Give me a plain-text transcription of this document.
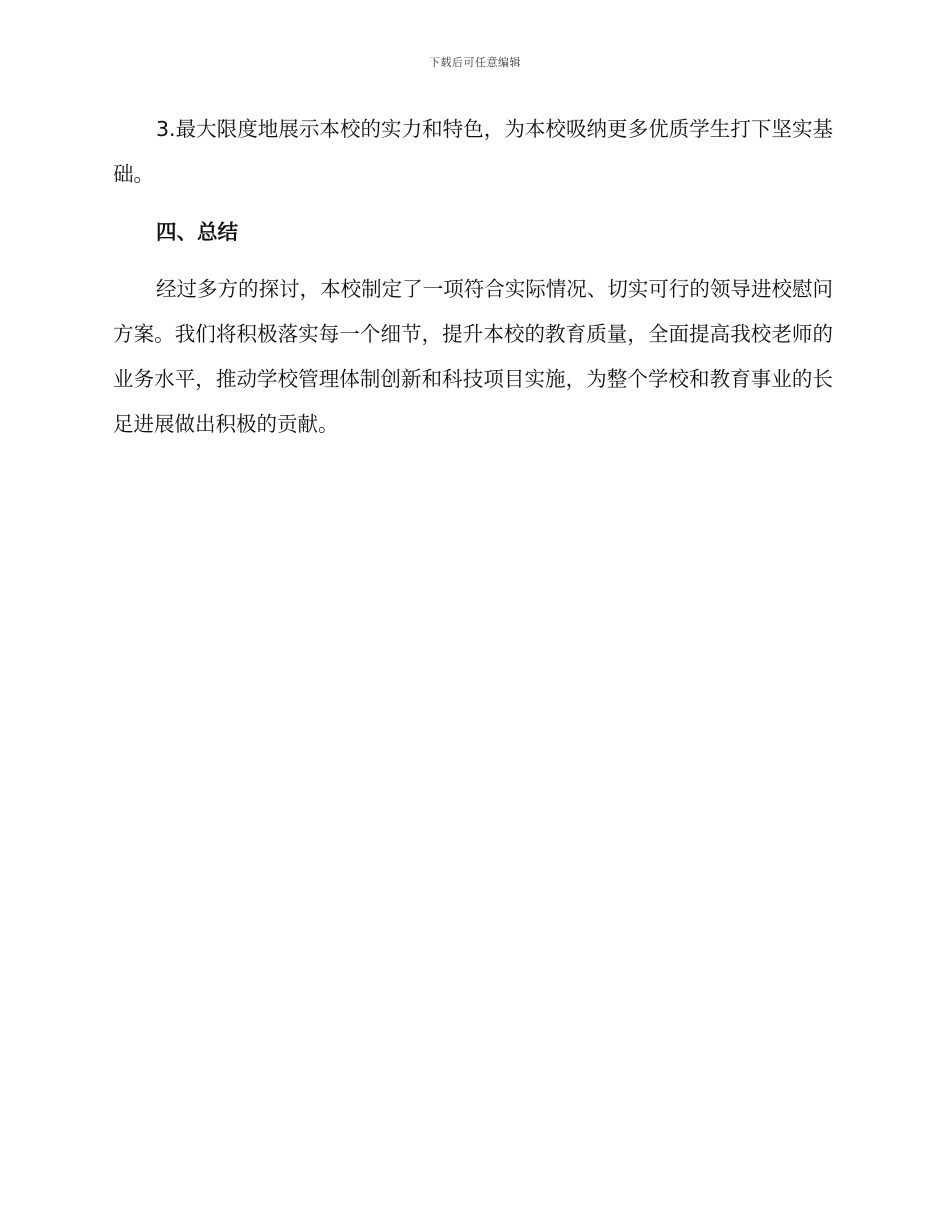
下载后可任意编辑

3.最大限度地展示本校的实力和特色，为本校吸纳更多优质学生打下坚实基础。

四、总结

经过多方的探讨，本校制定了一项符合实际情况、切实可行的领导进校慰问方案。我们将积极落实每一个细节，提升本校的教育质量，全面提高我校老师的业务水平，推动学校管理体制创新和科技项目实施，为整个学校和教育事业的长足进展做出积极的贡献。
